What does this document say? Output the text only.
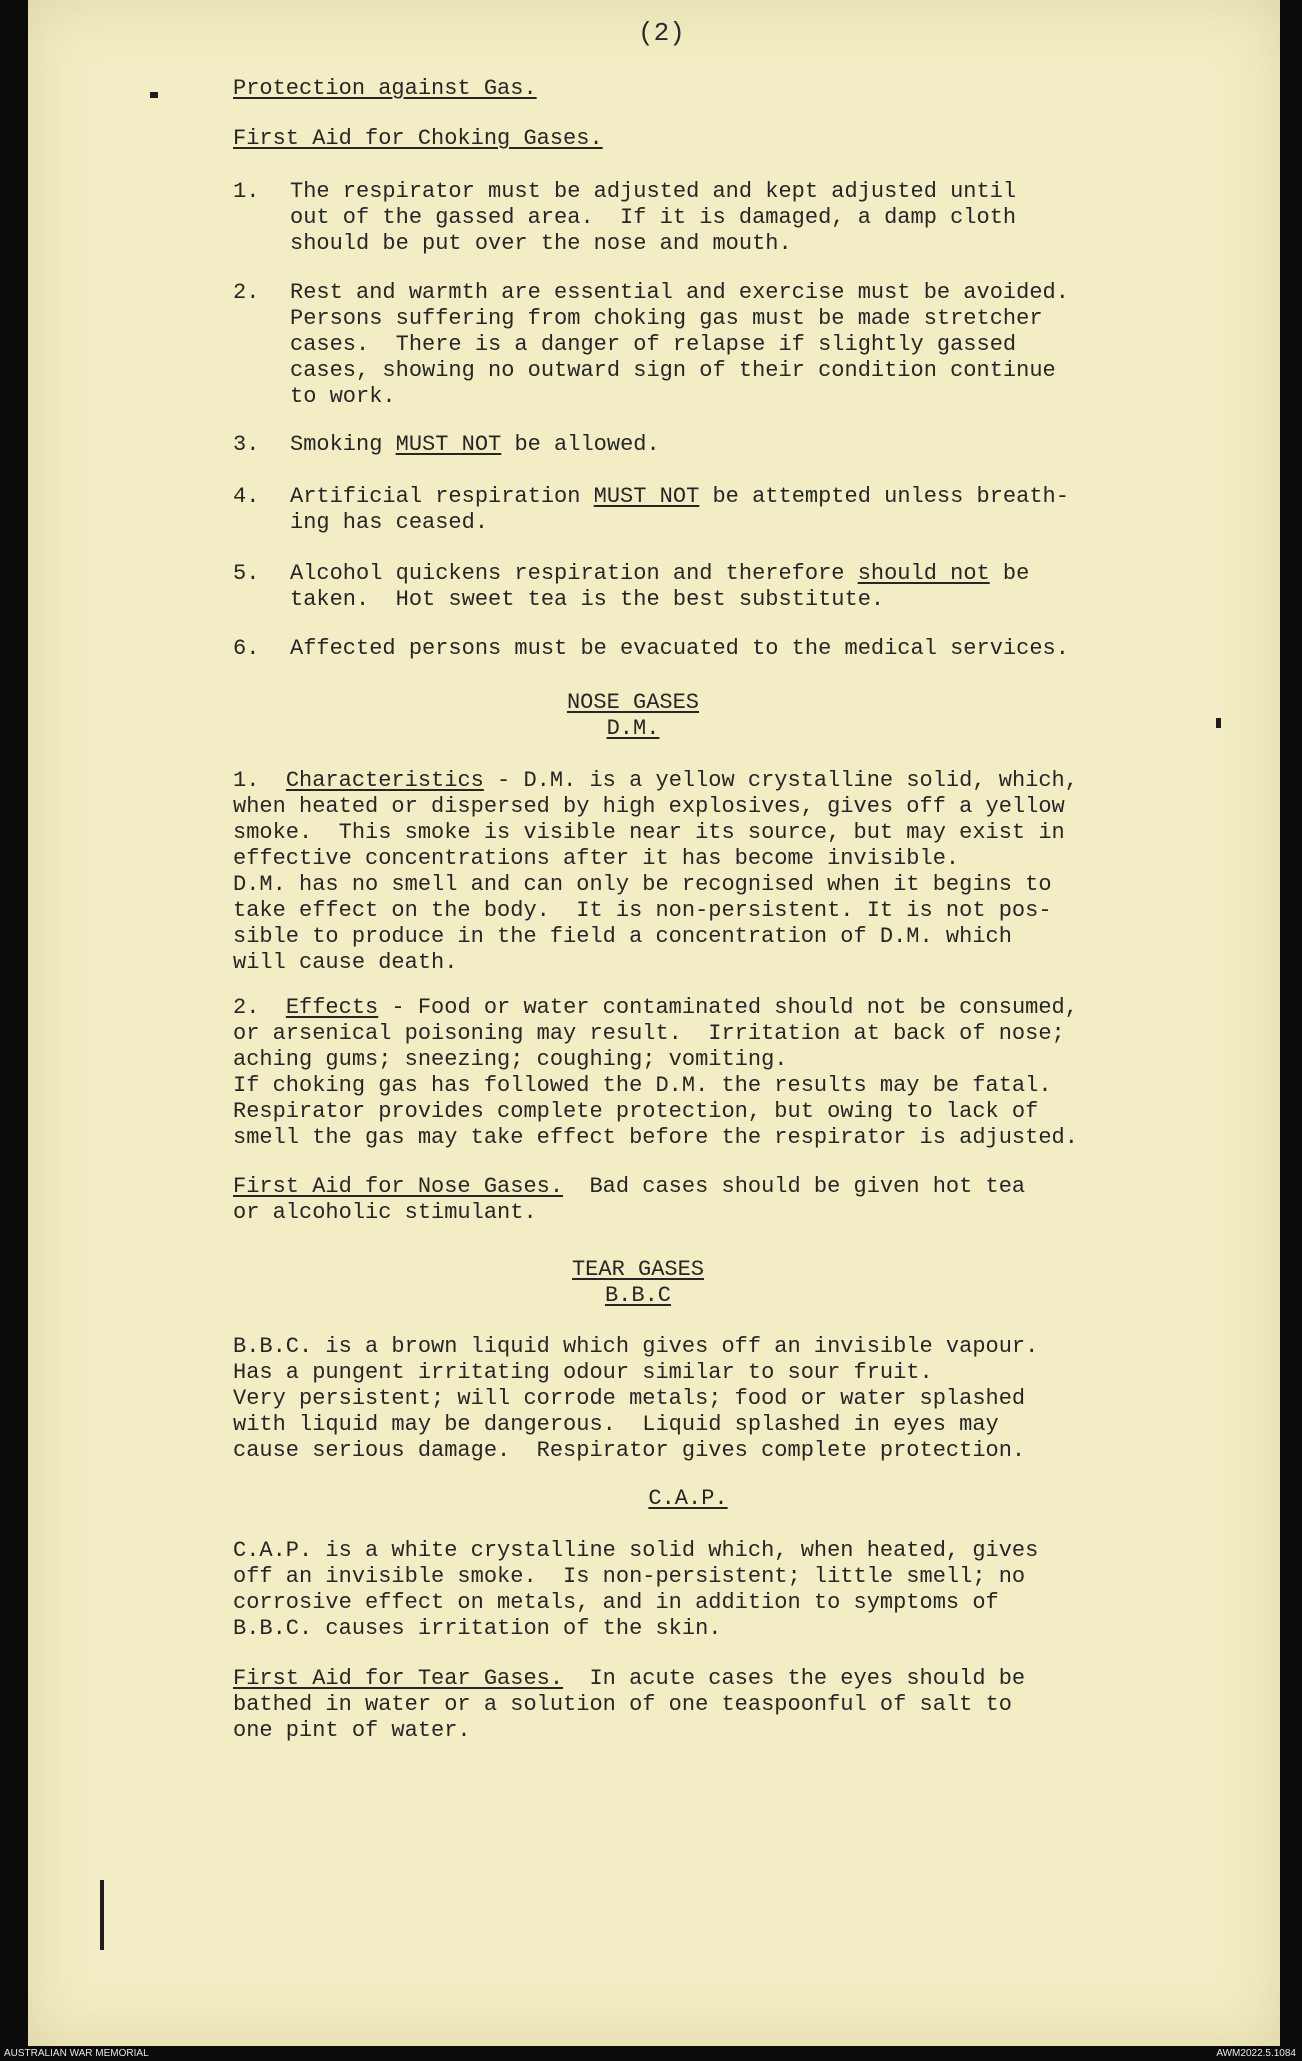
(2)
Protection against Gas.
First Aid for Choking Gases.
1. The respirator must be adjusted and kept adjusted until
out of the gassed area.  If it is damaged, a damp cloth
should be put over the nose and mouth.
2. Rest and warmth are essential and exercise must be avoided.
Persons suffering from choking gas must be made stretcher
cases.  There is a danger of relapse if slightly gassed
cases, showing no outward sign of their condition continue
to work.
3. Smoking MUST NOT be allowed.
4. Artificial respiration MUST NOT be attempted unless breath-
ing has ceased.
5. Alcohol quickens respiration and therefore should not be
taken.  Hot sweet tea is the best substitute.
6. Affected persons must be evacuated to the medical services.
NOSE GASES
D.M.
1. Characteristics - D.M. is a yellow crystalline solid, which,
when heated or dispersed by high explosives, gives off a yellow
smoke.  This smoke is visible near its source, but may exist in
effective concentrations after it has become invisible.
D.M. has no smell and can only be recognised when it begins to
take effect on the body.  It is non-persistent. It is not pos-
sible to produce in the field a concentration of D.M. which
will cause death.
2. Effects - Food or water contaminated should not be consumed,
or arsenical poisoning may result.  Irritation at back of nose;
aching gums; sneezing; coughing; vomiting.
If choking gas has followed the D.M. the results may be fatal.
Respirator provides complete protection, but owing to lack of
smell the gas may take effect before the respirator is adjusted.
First Aid for Nose Gases.  Bad cases should be given hot tea
or alcoholic stimulant.
TEAR GASES
B.B.C
B.B.C. is a brown liquid which gives off an invisible vapour.
Has a pungent irritating odour similar to sour fruit.
Very persistent; will corrode metals; food or water splashed
with liquid may be dangerous.  Liquid splashed in eyes may
cause serious damage.  Respirator gives complete protection.
C.A.P.
C.A.P. is a white crystalline solid which, when heated, gives
off an invisible smoke.  Is non-persistent; little smell; no
corrosive effect on metals, and in addition to symptoms of
B.B.C. causes irritation of the skin.
First Aid for Tear Gases.  In acute cases the eyes should be
bathed in water or a solution of one teaspoonful of salt to
one pint of water.
AUSTRALIAN WAR MEMORIAL	AWM2022.5.1084
